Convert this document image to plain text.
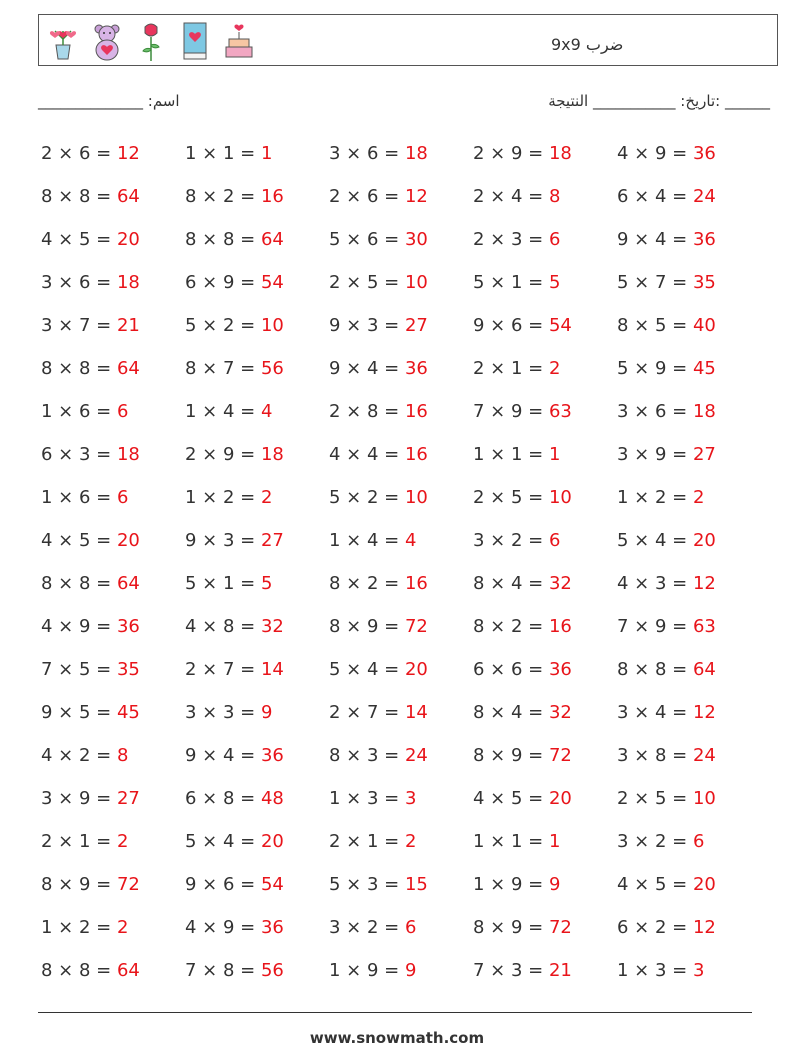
ضرب 9x9
اسم: ______________	______ :تاريخ: ___________ النتيجة
2 × 6 = 12	1 × 1 = 1	3 × 6 = 18	2 × 9 = 18	4 × 9 = 36
8 × 8 = 64	8 × 2 = 16	2 × 6 = 12	2 × 4 = 8	6 × 4 = 24
4 × 5 = 20	8 × 8 = 64	5 × 6 = 30	2 × 3 = 6	9 × 4 = 36
3 × 6 = 18	6 × 9 = 54	2 × 5 = 10	5 × 1 = 5	5 × 7 = 35
3 × 7 = 21	5 × 2 = 10	9 × 3 = 27	9 × 6 = 54	8 × 5 = 40
8 × 8 = 64	8 × 7 = 56	9 × 4 = 36	2 × 1 = 2	5 × 9 = 45
1 × 6 = 6	1 × 4 = 4	2 × 8 = 16	7 × 9 = 63	3 × 6 = 18
6 × 3 = 18	2 × 9 = 18	4 × 4 = 16	1 × 1 = 1	3 × 9 = 27
1 × 6 = 6	1 × 2 = 2	5 × 2 = 10	2 × 5 = 10	1 × 2 = 2
4 × 5 = 20	9 × 3 = 27	1 × 4 = 4	3 × 2 = 6	5 × 4 = 20
8 × 8 = 64	5 × 1 = 5	8 × 2 = 16	8 × 4 = 32	4 × 3 = 12
4 × 9 = 36	4 × 8 = 32	8 × 9 = 72	8 × 2 = 16	7 × 9 = 63
7 × 5 = 35	2 × 7 = 14	5 × 4 = 20	6 × 6 = 36	8 × 8 = 64
9 × 5 = 45	3 × 3 = 9	2 × 7 = 14	8 × 4 = 32	3 × 4 = 12
4 × 2 = 8	9 × 4 = 36	8 × 3 = 24	8 × 9 = 72	3 × 8 = 24
3 × 9 = 27	6 × 8 = 48	1 × 3 = 3	4 × 5 = 20	2 × 5 = 10
2 × 1 = 2	5 × 4 = 20	2 × 1 = 2	1 × 1 = 1	3 × 2 = 6
8 × 9 = 72	9 × 6 = 54	5 × 3 = 15	1 × 9 = 9	4 × 5 = 20
1 × 2 = 2	4 × 9 = 36	3 × 2 = 6	8 × 9 = 72	6 × 2 = 12
8 × 8 = 64	7 × 8 = 56	1 × 9 = 9	7 × 3 = 21	1 × 3 = 3
www.snowmath.com
